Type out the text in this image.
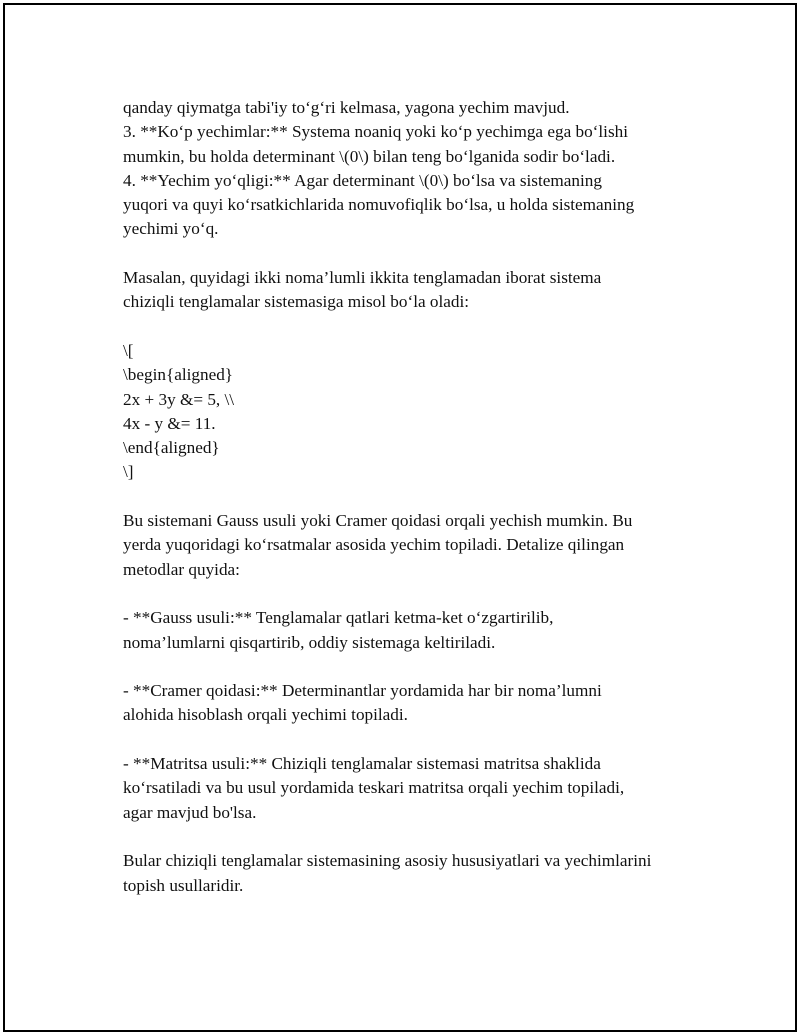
qanday qiymatga tabi'iy to‘g‘ri kelmasa, yagona yechim mavjud.
3. **Ko‘p yechimlar:** Systema noaniq yoki ko‘p yechimga ega bo‘lishi
mumkin, bu holda determinant \(0\) bilan teng bo‘lganida sodir bo‘ladi.
4. **Yechim yo‘qligi:** Agar determinant \(0\) bo‘lsa va sistemaning
yuqori va quyi ko‘rsatkichlarida nomuvofiqlik bo‘lsa, u holda sistemaning
yechimi yo‘q.
Masalan, quyidagi ikki noma’lumli ikkita tenglamadan iborat sistema
chiziqli tenglamalar sistemasiga misol bo‘la oladi:
\[
\begin{aligned}
2x + 3y &= 5, \\
4x - y &= 11.
\end{aligned}
\]
Bu sistemani Gauss usuli yoki Cramer qoidasi orqali yechish mumkin. Bu
yerda yuqoridagi ko‘rsatmalar asosida yechim topiladi. Detalize qilingan
metodlar quyida:
- **Gauss usuli:** Tenglamalar qatlari ketma-ket o‘zgartirilib,
noma’lumlarni qisqartirib, oddiy sistemaga keltiriladi.
- **Cramer qoidasi:** Determinantlar yordamida har bir noma’lumni
alohida hisoblash orqali yechimi topiladi.
- **Matritsa usuli:** Chiziqli tenglamalar sistemasi matritsa shaklida
ko‘rsatiladi va bu usul yordamida teskari matritsa orqali yechim topiladi,
agar mavjud bo'lsa.
Bular chiziqli tenglamalar sistemasining asosiy hususiyatlari va yechimlarini
topish usullaridir.
